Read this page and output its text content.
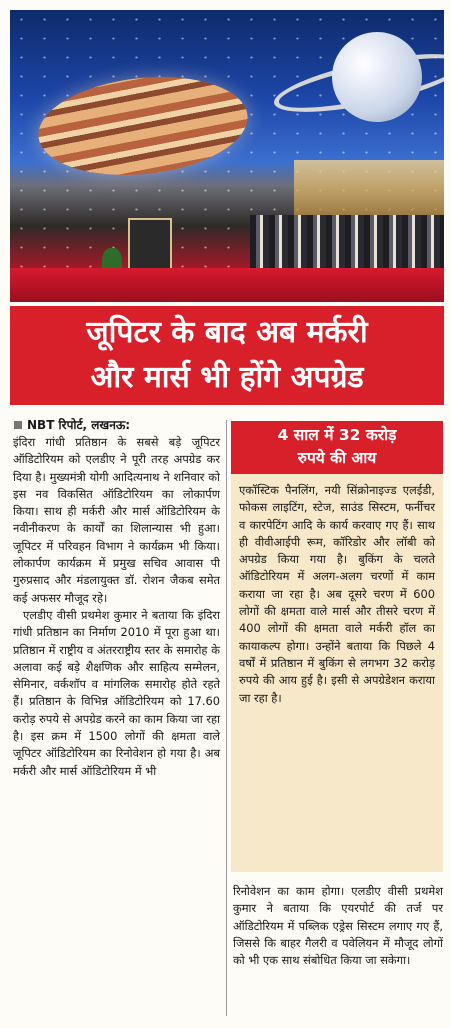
जूपिटर के बाद अब मर्करी
और मार्स भी होंगे अपग्रेड
NBT रिपोर्ट, लखनऊ:

इंदिरा गांधी प्रतिष्ठान के सबसे बड़े जूपिटर ऑडिटोरियम को एलडीए ने पूरी तरह अपग्रेड कर दिया है। मुख्यमंत्री योगी आदित्यनाथ ने शनिवार को इस नव विकसित ऑडिटोरियम का लोकार्पण किया। साथ ही मर्करी और मार्स ऑडिटोरियम के नवीनीकरण के कार्यों का शिलान्यास भी हुआ। जूपिटर में परिवहन विभाग ने कार्यक्रम भी किया। लोकार्पण कार्यक्रम में प्रमुख सचिव आवास पी गुरुप्रसाद और मंडलायुक्त डॉ. रोशन जैकब समेत कई अफसर मौजूद रहे।

एलडीए वीसी प्रथमेश कुमार ने बताया कि इंदिरा गांधी प्रतिष्ठान का निर्माण 2010 में पूरा हुआ था। प्रतिष्ठान में राष्ट्रीय व अंतरराष्ट्रीय स्तर के समारोह के अलावा कई बड़े शैक्षणिक और साहित्य सम्मेलन, सेमिनार, वर्कशॉप व मांगलिक समारोह होते रहते हैं। प्रतिष्ठान के विभिन्न ऑडिटोरियम को 17.60 करोड़ रुपये से अपग्रेड करने का काम किया जा रहा है। इस क्रम में 1500 लोगों की क्षमता वाले जूपिटर ऑडिटोरियम का रिनोवेशन हो गया है। अब मर्करी और मार्स ऑडिटोरियम में भी

4 साल में 32 करोड़
रुपये की आय

एकॉस्टिक पैनलिंग, नयी सिंक्रोनाइज्ड एलईडी, फोकस लाइटिंग, स्टेज, साउंड सिस्टम, फर्नीचर व कारपेटिंग आदि के कार्य करवाए गए हैं। साथ ही वीवीआईपी रूम, कॉरिडोर और लॉबी को अपग्रेड किया गया है। बुकिंग के चलते ऑडिटोरियम में अलग-अलग चरणों में काम कराया जा रहा है। अब दूसरे चरण में 600 लोगों की क्षमता वाले मार्स और तीसरे चरण में 400 लोगों की क्षमता वाले मर्करी हॉल का कायाकल्प होगा। उन्होंने बताया कि पिछले 4 वर्षों में प्रतिष्ठान में बुकिंग से लगभग 32 करोड़ रुपये की आय हुई है। इसी से अपग्रेडेशन कराया जा रहा है।

रिनोवेशन का काम होगा। एलडीए वीसी प्रथमेश कुमार ने बताया कि एयरपोर्ट की तर्ज पर ऑडिटोरियम में पब्लिक एड्रेस सिस्टम लगाए गए हैं, जिससे कि बाहर गैलरी व पवेलियन में मौजूद लोगों को भी एक साथ संबोधित किया जा सकेगा।
